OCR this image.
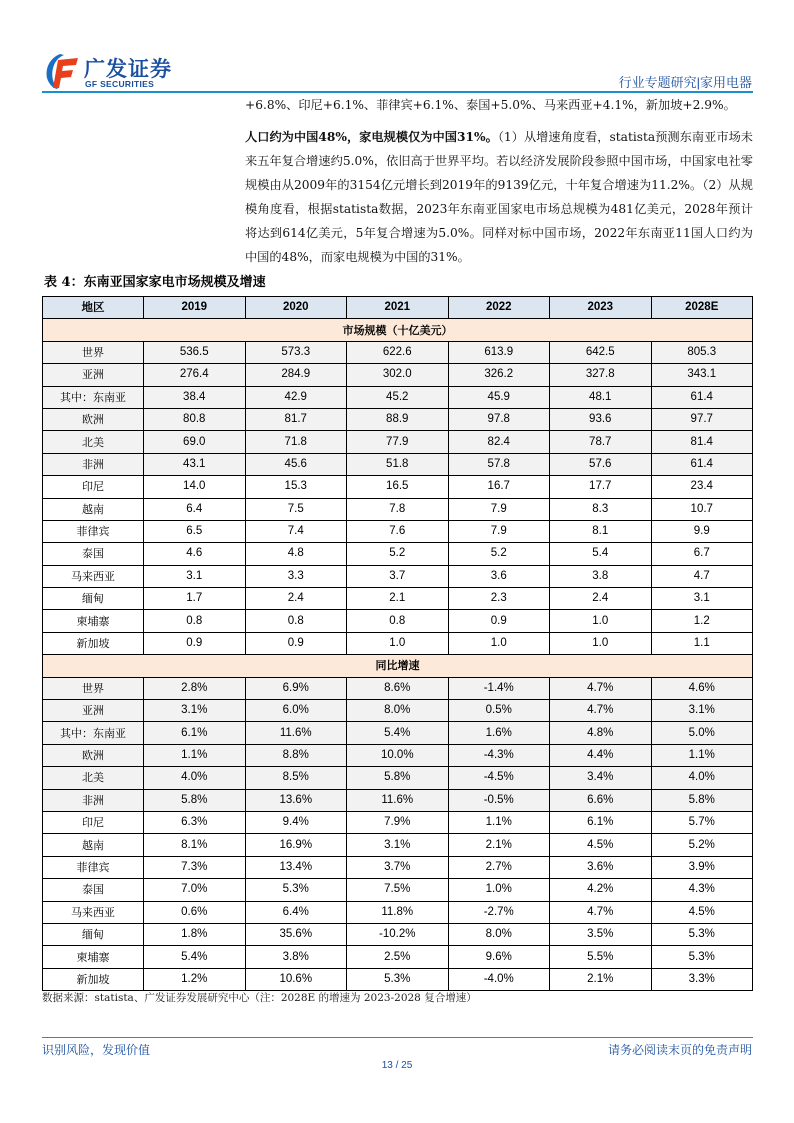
广发证券
GF SECURITIES	行业专题研究|家用电器
+6.8%、印尼+6.1%、菲律宾+6.1%、泰国+5.0%、马来西亚+4.1%，新加坡+2.9%。
人口约为中国48%，家电规模仅为中国31%。（1）从增速角度看，statista预测东南亚市场未来五年复合增速约5.0%，依旧高于世界平均。若以经济发展阶段参照中国市场，中国家电社零规模由从2009年的3154亿元增长到2019年的9139亿元，十年复合增速为11.2%。（2）从规模角度看，根据statista数据，2023年东南亚国家电市场总规模为481亿美元，2028年预计将达到614亿美元，5年复合增速为5.0%。同样对标中国市场，2022年东南亚11国人口约为中国的48%，而家电规模为中国的31%。
表 4：东南亚国家家电市场规模及增速
地区	2019	2020	2021	2022	2023	2028E
市场规模（十亿美元）						
世界	536.5	573.3	622.6	613.9	642.5	805.3
亚洲	276.4	284.9	302.0	326.2	327.8	343.1
其中：东南亚	38.4	42.9	45.2	45.9	48.1	61.4
欧洲	80.8	81.7	88.9	97.8	93.6	97.7
北美	69.0	71.8	77.9	82.4	78.7	81.4
非洲	43.1	45.6	51.8	57.8	57.6	61.4
印尼	14.0	15.3	16.5	16.7	17.7	23.4
越南	6.4	7.5	7.8	7.9	8.3	10.7
菲律宾	6.5	7.4	7.6	7.9	8.1	9.9
泰国	4.6	4.8	5.2	5.2	5.4	6.7
马来西亚	3.1	3.3	3.7	3.6	3.8	4.7
缅甸	1.7	2.4	2.1	2.3	2.4	3.1
柬埔寨	0.8	0.8	0.8	0.9	1.0	1.2
新加坡	0.9	0.9	1.0	1.0	1.0	1.1
同比增速						
世界	2.8%	6.9%	8.6%	-1.4%	4.7%	4.6%
亚洲	3.1%	6.0%	8.0%	0.5%	4.7%	3.1%
其中：东南亚	6.1%	11.6%	5.4%	1.6%	4.8%	5.0%
欧洲	1.1%	8.8%	10.0%	-4.3%	4.4%	1.1%
北美	4.0%	8.5%	5.8%	-4.5%	3.4%	4.0%
非洲	5.8%	13.6%	11.6%	-0.5%	6.6%	5.8%
印尼	6.3%	9.4%	7.9%	1.1%	6.1%	5.7%
越南	8.1%	16.9%	3.1%	2.1%	4.5%	5.2%
菲律宾	7.3%	13.4%	3.7%	2.7%	3.6%	3.9%
泰国	7.0%	5.3%	7.5%	1.0%	4.2%	4.3%
马来西亚	0.6%	6.4%	11.8%	-2.7%	4.7%	4.5%
缅甸	1.8%	35.6%	-10.2%	8.0%	3.5%	5.3%
柬埔寨	5.4%	3.8%	2.5%	9.6%	5.5%	5.3%
新加坡	1.2%	10.6%	5.3%	-4.0%	2.1%	3.3%
数据来源：statista、广发证券发展研究中心（注：2028E 的增速为 2023-2028 复合增速）
识别风险，发现价值	请务必阅读末页的免责声明
13 / 25
